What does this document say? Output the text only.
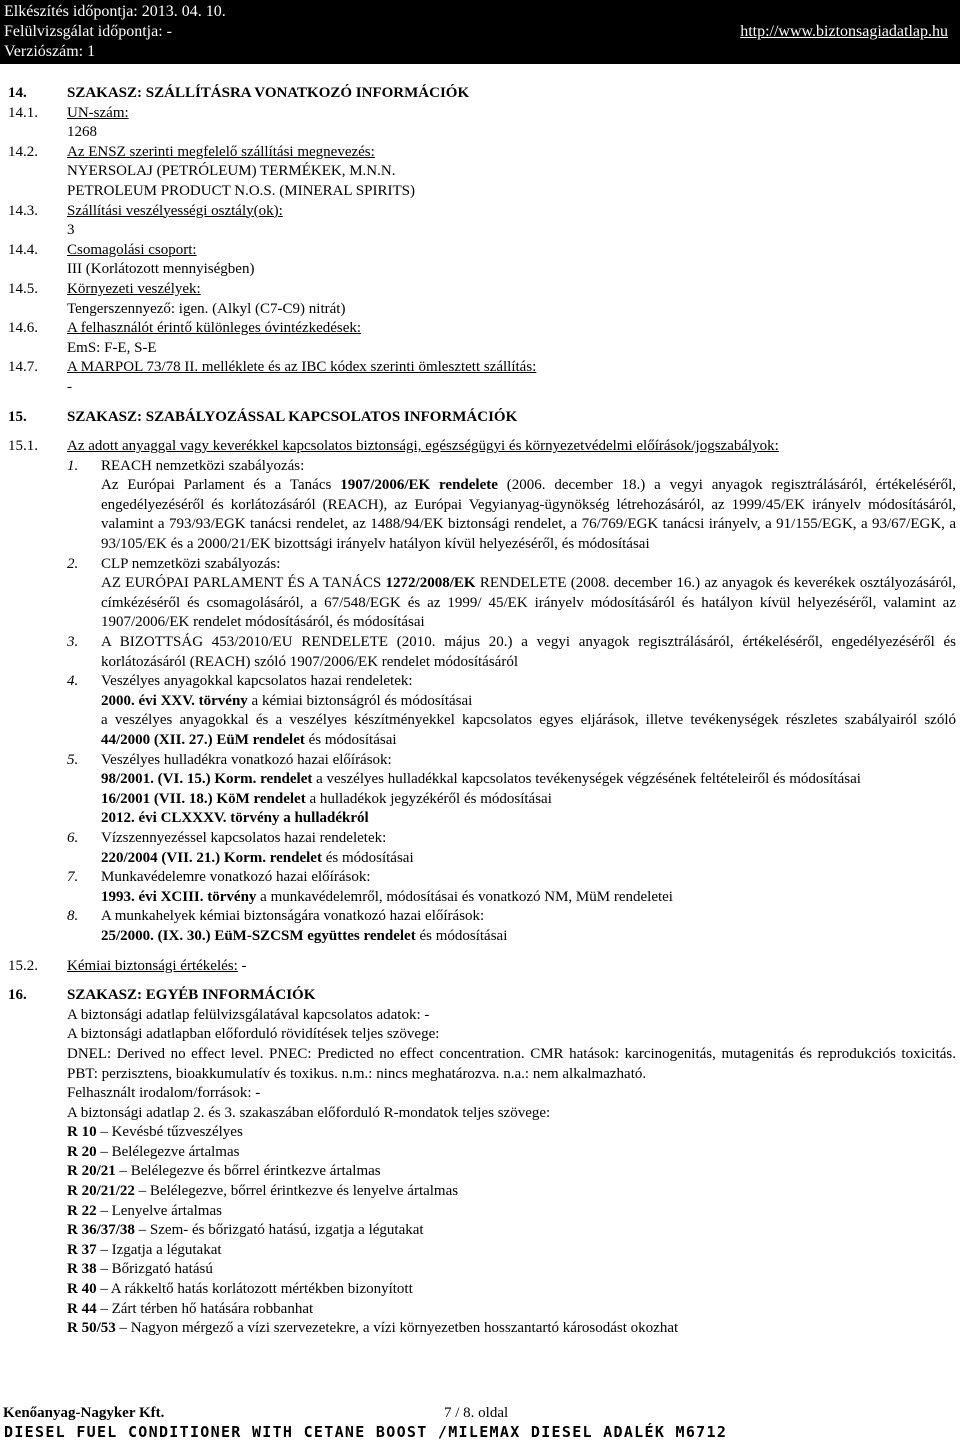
Elkészítés időpontja: 2013. 04. 10.
Felülvizsgálat időpontja: -
Verziószám: 1
http://www.biztonsagiadatlap.hu
14.	SZAKASZ: SZÁLLÍTÁSRA VONATKOZÓ INFORMÁCIÓK
14.1.	UN-szám:
1268
14.2.	Az ENSZ szerinti megfelelő szállítási megnevezés:
NYERSOLAJ (PETRÓLEUM) TERMÉKEK, M.N.N.
PETROLEUM PRODUCT N.O.S. (MINERAL SPIRITS)
14.3.	Szállítási veszélyességi osztály(ok):
3
14.4.	Csomagolási csoport:
III (Korlátozott mennyiségben)
14.5.	Környezeti veszélyek:
Tengerszennyező: igen. (Alkyl (C7-C9) nitrát)
14.6.	A felhasználót érintő különleges óvintézkedések:
EmS: F-E, S-E
14.7.	A MARPOL 73/78 II. melléklete és az IBC kódex szerinti ömlesztett szállítás:
-
15.	SZAKASZ: SZABÁLYOZÁSSAL KAPCSOLATOS INFORMÁCIÓK
15.1.	Az adott anyaggal vagy keverékkel kapcsolatos biztonsági, egészségügyi és környezetvédelmi előírások/jogszabályok:
1. REACH nemzetközi szabályozás:
Az Európai Parlament és a Tanács 1907/2006/EK rendelete (2006. december 18.) a vegyi anyagok regisztrálásáról, értékeléséről, engedélyezéséről és korlátozásáról (REACH), az Európai Vegyianyag-ügynökség létrehozásáról, az 1999/45/EK irányelv módosításáról, valamint a 793/93/EGK tanácsi rendelet, az 1488/94/EK biztonsági rendelet, a 76/769/EGK tanácsi irányelv, a 91/155/EGK, a 93/67/EGK, a 93/105/EK és a 2000/21/EK bizottsági irányelv hatályon kívül helyezéséről, és módosításai
2. CLP nemzetközi szabályozás:
AZ EURÓPAI PARLAMENT ÉS A TANÁCS 1272/2008/EK RENDELETE (2008. december 16.) az anyagok és keverékek osztályozásáról, címkézéséről és csomagolásáról, a 67/548/EGK és az 1999/ 45/EK irányelv módosításáról és hatályon kívül helyezéséről, valamint az 1907/2006/EK rendelet módosításáról, és módosításai
3. A BIZOTTSÁG 453/2010/EU RENDELETE (2010. május 20.) a vegyi anyagok regisztrálásáról, értékeléséről, engedélyezéséről és korlátozásáról (REACH) szóló 1907/2006/EK rendelet módosításáról
4. Veszélyes anyagokkal kapcsolatos hazai rendeletek:
2000. évi XXV. törvény a kémiai biztonságról és módosításai
a veszélyes anyagokkal és a veszélyes készítményekkel kapcsolatos egyes eljárások, illetve tevékenységek részletes szabályairól szóló 44/2000 (XII. 27.) EüM rendelet és módosításai
5. Veszélyes hulladékra vonatkozó hazai előírások:
98/2001. (VI. 15.) Korm. rendelet a veszélyes hulladékkal kapcsolatos tevékenységek végzésének feltételeiről és módosításai
16/2001 (VII. 18.) KöM rendelet a hulladékok jegyzékéről és módosításai
2012. évi CLXXXV. törvény a hulladékról
6. Vízszennyezéssel kapcsolatos hazai rendeletek:
220/2004 (VII. 21.) Korm. rendelet és módosításai
7. Munkavédelemre vonatkozó hazai előírások:
1993. évi XCIII. törvény a munkavédelemről, módosításai és vonatkozó NM, MüM rendeletei
8. A munkahelyek kémiai biztonságára vonatkozó hazai előírások:
25/2000. (IX. 30.) EüM-SZCSM együttes rendelet és módosításai
15.2.	Kémiai biztonsági értékelés: -
16.	SZAKASZ: EGYÉB INFORMÁCIÓK
A biztonsági adatlap felülvizsgálatával kapcsolatos adatok: -
A biztonsági adatlapban előforduló rövidítések teljes szövege:
DNEL: Derived no effect level. PNEC: Predicted no effect concentration. CMR hatások: karcinogenitás, mutagenitás és reprodukciós toxicitás. PBT: perzisztens, bioakkumulatív és toxikus. n.m.: nincs meghatározva. n.a.: nem alkalmazható.
Felhasznált irodalom/források: -
A biztonsági adatlap 2. és 3. szakaszában előforduló R-mondatok teljes szövege:
R 10 – Kevésbé tűzveszélyes
R 20 – Belélegezve ártalmas
R 20/21 – Belélegezve és bőrrel érintkezve ártalmas
R 20/21/22 – Belélegezve, bőrrel érintkezve és lenyelve ártalmas
R 22 – Lenyelve ártalmas
R 36/37/38 – Szem- és bőrizgató hatású, izgatja a légutakat
R 37 – Izgatja a légutakat
R 38 – Bőrizgató hatású
R 40 – A rákkeltő hatás korlátozott mértékben bizonyított
R 44 – Zárt térben hő hatására robbanhat
R 50/53 – Nagyon mérgező a vízi szervezetekre, a vízi környezetben hosszantartó károsodást okozhat
Kenőanyag-Nagyker Kft.	7 / 8. oldal
DIESEL FUEL CONDITIONER WITH CETANE BOOST /MILEMAX DIESEL ADALÉK M6712
